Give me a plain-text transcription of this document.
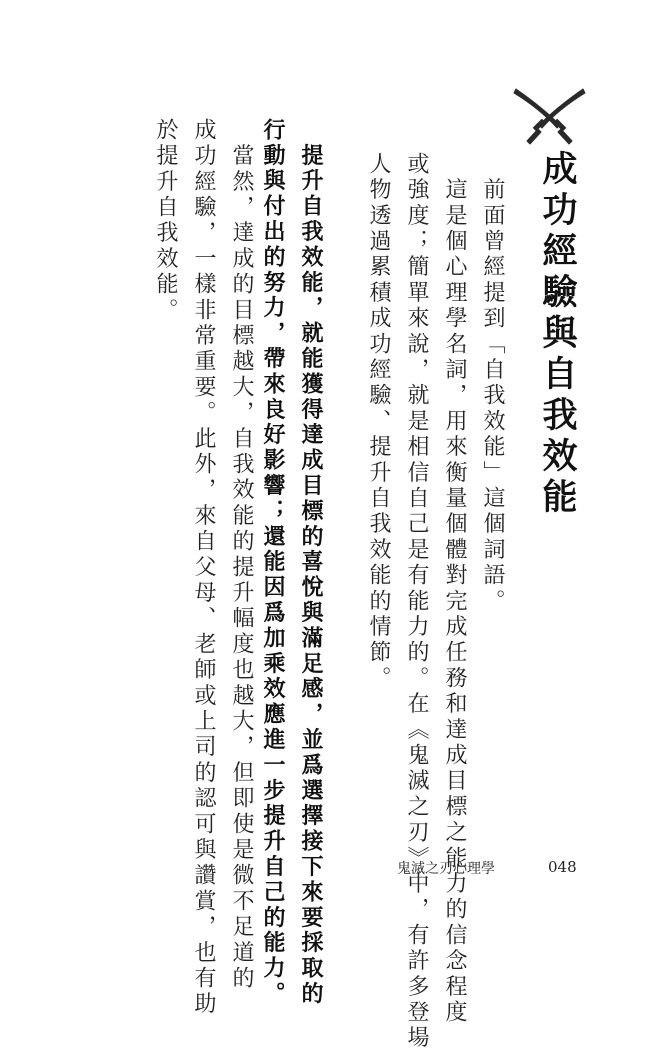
成功經驗與自我效能
　前面曾經提到「自我效能」這個詞語。
　這是個心理學名詞，用來衡量個體對完成任務和達成目標之能力的信念程度
或強度；簡單來說，就是相信自己是有能力的。在《鬼滅之刃》中，有許多登場
人物透過累積成功經驗、提升自我效能的情節。
　提升自我效能，就能獲得達成目標的喜悅與滿足感，並爲選擇接下來要採取的
行動與付出的努力，帶來良好影響；還能因爲加乘效應進一步提升自己的能力。
　當然，達成的目標越大，自我效能的提升幅度也越大，但即使是微不足道的
成功經驗，一樣非常重要。此外，來自父母、老師或上司的認可與讚賞，也有助
於提升自我效能。
鬼滅之刃心理學	048
